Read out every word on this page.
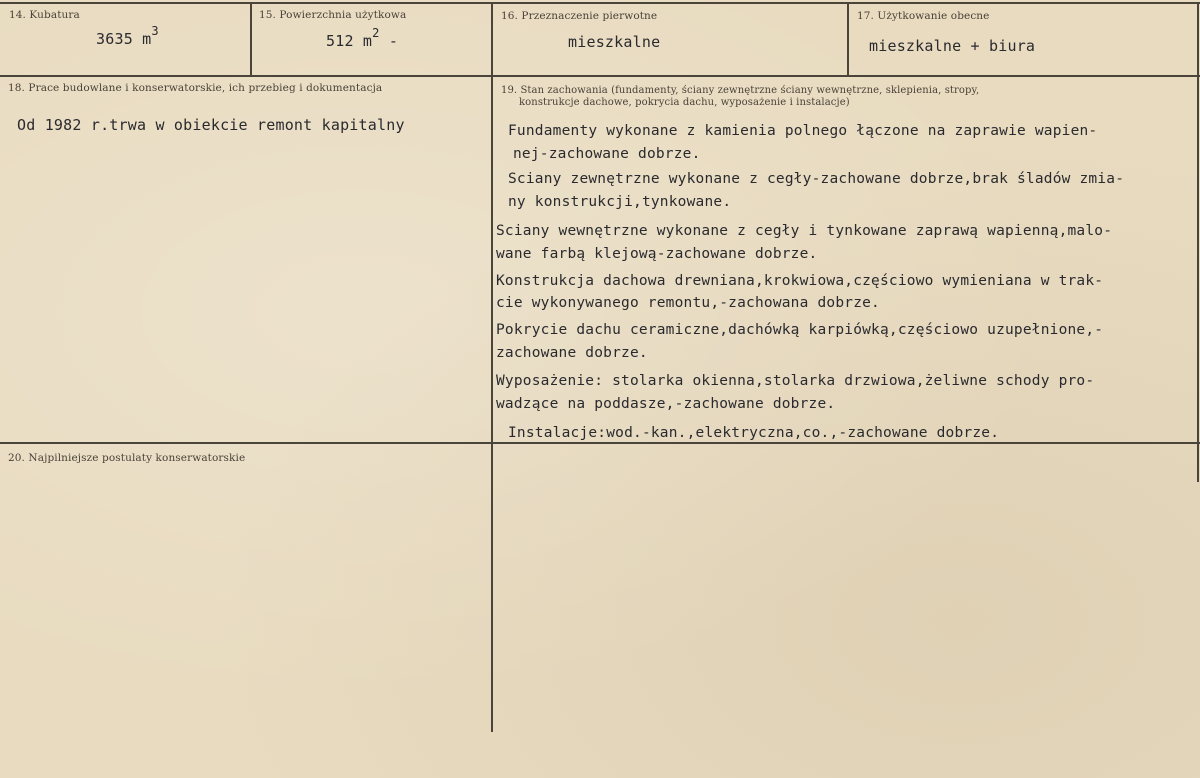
14. Kubatura
3635 $m^3$
15. Powierzchnia użytkowa
512 $m^2$ -
16. Przeznaczenie pierwotne
mieszkalne
17. Użytkowanie obecne
mieszkalne + biura
18. Prace budowlane i konserwatorskie, ich przebieg i dokumentacja
Od 1982 r.trwa w obiekcie remont kapitalny
19. Stan zachowania (fundamenty, ściany zewnętrzne ściany wewnętrzne, sklepienia, stropy,
konstrukcje dachowe, pokrycia dachu, wyposażenie i instalacje)
Fundamenty wykonane z kamienia polnego łączone na zaprawie wapien-
nej-zachowane dobrze.
Sciany zewnętrzne wykonane z cegły-zachowane dobrze,brak śladów zmia-
ny konstrukcji,tynkowane.
Sciany wewnętrzne wykonane z cegły i tynkowane zaprawą wapienną,malo-
wane farbą klejową-zachowane dobrze.
Konstrukcja dachowa drewniana,krokwiowa,częściowo wymieniana w trak-
cie wykonywanego remontu,-zachowana dobrze.
Pokrycie dachu ceramiczne,dachówką karpiówką,częściowo uzupełnione,-
zachowane dobrze.
Wyposażenie: stolarka okienna,stolarka drzwiowa,żeliwne schody pro-
wadzące na poddasze,-zachowane dobrze.
Instalacje:wod.-kan.,elektryczna,co.,-zachowane dobrze.
20. Najpilniejsze postulaty konserwatorskie
